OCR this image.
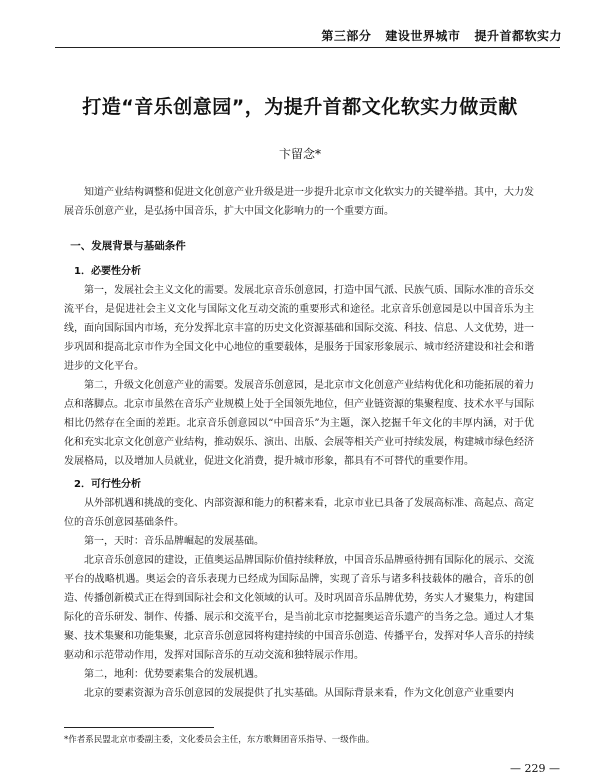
第三部分 建设世界城市 提升首都软实力
打造“音乐创意园”，为提升首都文化软实力做贡献
卞留念*

知道产业结构调整和促进文化创意产业升级是进一步提升北京市文化软实力的关键举措。其中，大力发展音乐创意产业，是弘扬中国音乐，扩大中国文化影响力的一个重要方面。

一、发展背景与基础条件
1．必要性分析

第一，发展社会主义文化的需要。发展北京音乐创意园，打造中国气派、民族气质、国际水准的音乐交流平台，是促进社会主义文化与国际文化互动交流的重要形式和途径。北京音乐创意园是以中国音乐为主线，面向国际国内市场，充分发挥北京丰富的历史文化资源基础和国际交流、科技、信息、人文优势，进一步巩固和提高北京市作为全国文化中心地位的重要载体，是服务于国家形象展示、城市经济建设和社会和谐进步的文化平台。

第二，升级文化创意产业的需要。发展音乐创意园，是北京市文化创意产业结构优化和功能拓展的着力点和落脚点。北京市虽然在音乐产业规模上处于全国领先地位，但产业链资源的集聚程度、技术水平与国际相比仍然存在全面的差距。北京音乐创意园以“中国音乐”为主题，深入挖掘千年文化的丰厚内涵，对于优化和充实北京文化创意产业结构，推动娱乐、演出、出版、会展等相关产业可持续发展，构建城市绿色经济发展格局，以及增加人员就业，促进文化消费，提升城市形象，都具有不可替代的重要作用。

2．可行性分析

从外部机遇和挑战的变化、内部资源和能力的积蓄来看，北京市业已具备了发展高标准、高起点、高定位的音乐创意园基础条件。

第一，天时：音乐品牌崛起的发展基础。

北京音乐创意园的建设，正值奥运品牌国际价值持续释放，中国音乐品牌亟待拥有国际化的展示、交流平台的战略机遇。奥运会的音乐表现力已经成为国际品牌，实现了音乐与诸多科技载体的融合，音乐的创造、传播创新模式正在得到国际社会和文化领域的认可。及时巩固音乐品牌优势，务实人才聚集力，构建国际化的音乐研发、制作、传播、展示和交流平台，是当前北京市挖掘奥运音乐遗产的当务之急。通过人才集聚、技术集聚和功能集聚，北京音乐创意园将构建持续的中国音乐创造、传播平台，发挥对华人音乐的持续驱动和示范带动作用，发挥对国际音乐的互动交流和独特展示作用。

第二，地利：优势要素集合的发展机遇。

北京的要素资源为音乐创意园的发展提供了扎实基础。从国际背景来看，作为文化创意产业重要内

*作者系民盟北京市委副主委，文化委员会主任，东方歌舞团音乐指导、一级作曲。
— 229 —
